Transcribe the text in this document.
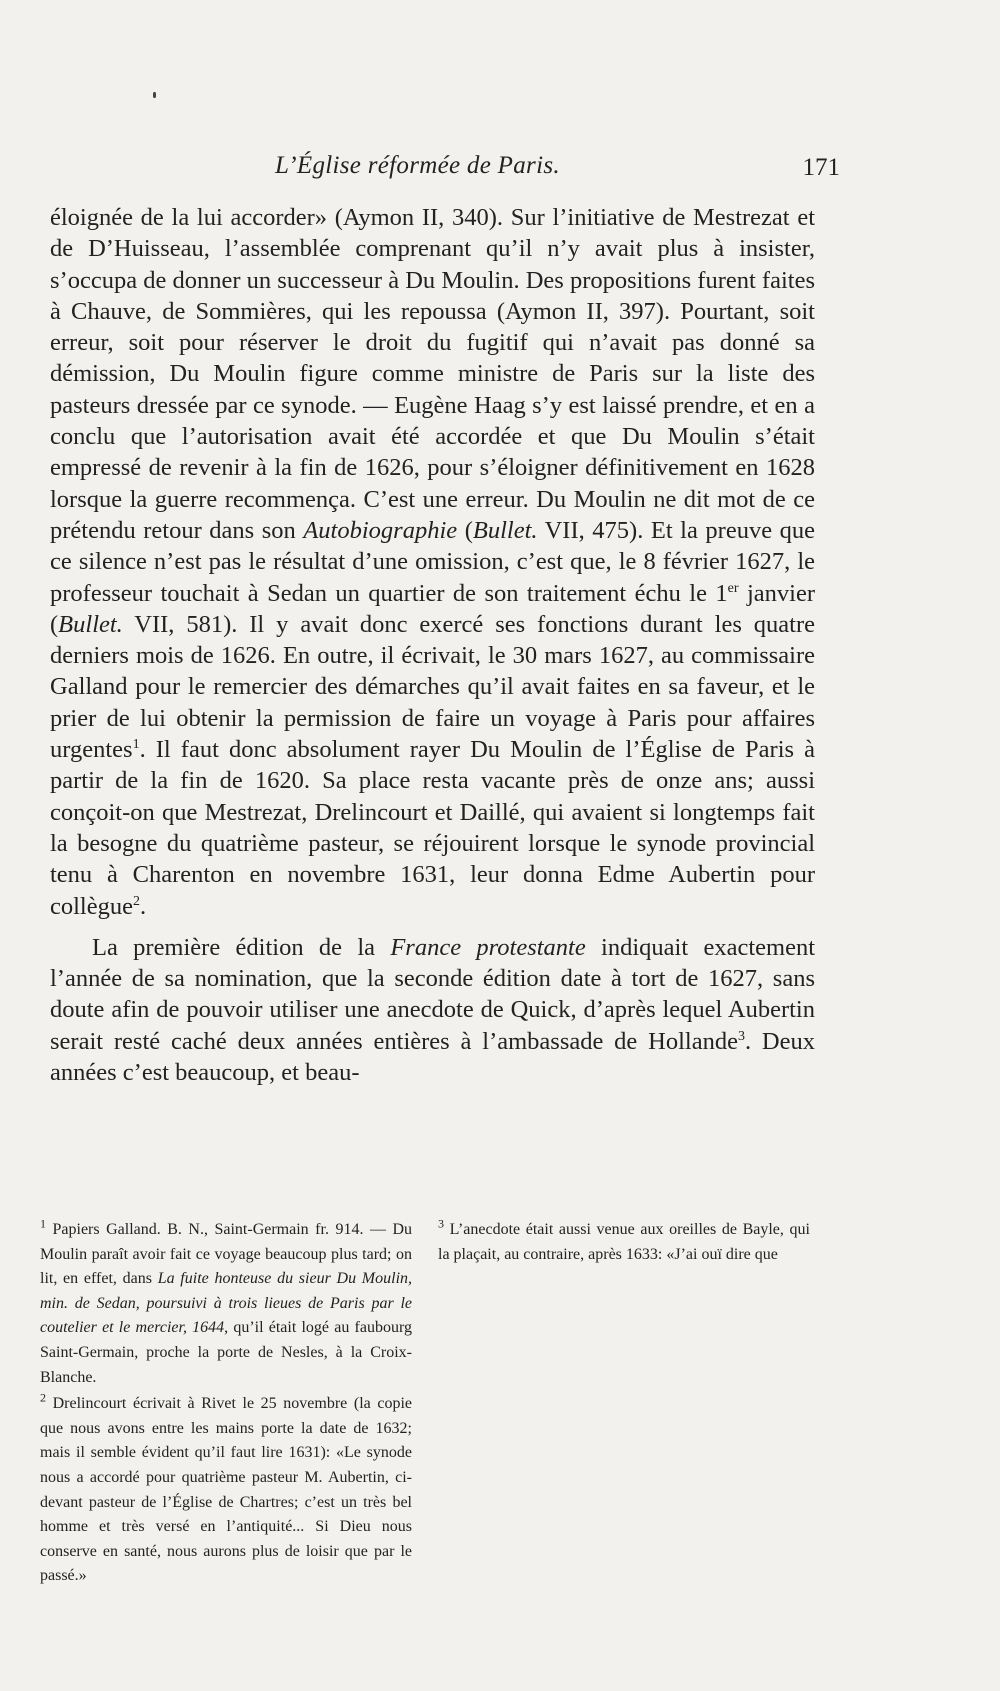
L’Église réformée de Paris.	171

éloignée de la lui accorder» (Aymon II, 340). Sur l’initiative de Mestrezat et de D’Huisseau, l’assemblée comprenant qu’il n’y avait plus à insister, s’occupa de donner un successeur à Du Moulin. Des propositions furent faites à Chauve, de Sommières, qui les repoussa (Aymon II, 397). Pourtant, soit erreur, soit pour réserver le droit du fugitif qui n’avait pas donné sa démission, Du Moulin figure comme ministre de Paris sur la liste des pasteurs dressée par ce synode. — Eugène Haag s’y est laissé prendre, et en a conclu que l’autorisation avait été accordée et que Du Moulin s’était empressé de revenir à la fin de 1626, pour s’éloigner définitivement en 1628 lorsque la guerre recommença. C’est une erreur. Du Moulin ne dit mot de ce prétendu retour dans son Autobiographie (Bullet. VII, 475). Et la preuve que ce silence n’est pas le résultat d’une omission, c’est que, le 8 février 1627, le professeur touchait à Sedan un quartier de son traitement échu le 1er janvier (Bullet. VII, 581). Il y avait donc exercé ses fonctions durant les quatre derniers mois de 1626. En outre, il écrivait, le 30 mars 1627, au commissaire Galland pour le remercier des démarches qu’il avait faites en sa faveur, et le prier de lui obtenir la permission de faire un voyage à Paris pour affaires urgentes$^1$. Il faut donc absolument rayer Du Moulin de l’Église de Paris à partir de la fin de 1620. Sa place resta vacante près de onze ans; aussi conçoit-on que Mestrezat, Drelincourt et Daillé, qui avaient si longtemps fait la besogne du quatrième pasteur, se réjouirent lorsque le synode provincial tenu à Charenton en novembre 1631, leur donna Edme Aubertin pour collègue$^2$.

La première édition de la France protestante indiquait exactement l’année de sa nomination, que la seconde édition date à tort de 1627, sans doute afin de pouvoir utiliser une anecdote de Quick, d’après lequel Aubertin serait resté caché deux années entières à l’ambassade de Hollande$^3$. Deux années c’est beaucoup, et beau-

$^1$ Papiers Galland. B. N., Saint-Germain fr. 914. — Du Moulin paraît avoir fait ce voyage beaucoup plus tard; on lit, en effet, dans La fuite honteuse du sieur Du Moulin, min. de Sedan, poursuivi à trois lieues de Paris par le coutelier et le mercier, 1644, qu’il était logé au faubourg Saint-Germain, proche la porte de Nesles, à la Croix-Blanche.

$^2$ Drelincourt écrivait à Rivet le 25 novembre (la copie que nous avons entre les mains porte la date de 1632; mais il semble évident qu’il faut lire 1631): «Le synode nous a accordé pour quatrième pasteur M. Aubertin, ci-devant pasteur de l’Église de Chartres; c’est un très bel homme et très versé en l’antiquité... Si Dieu nous conserve en santé, nous aurons plus de loisir que par le passé.»

$^3$ L’anecdote était aussi venue aux oreilles de Bayle, qui la plaçait, au contraire, après 1633: «J’ai ouï dire que
